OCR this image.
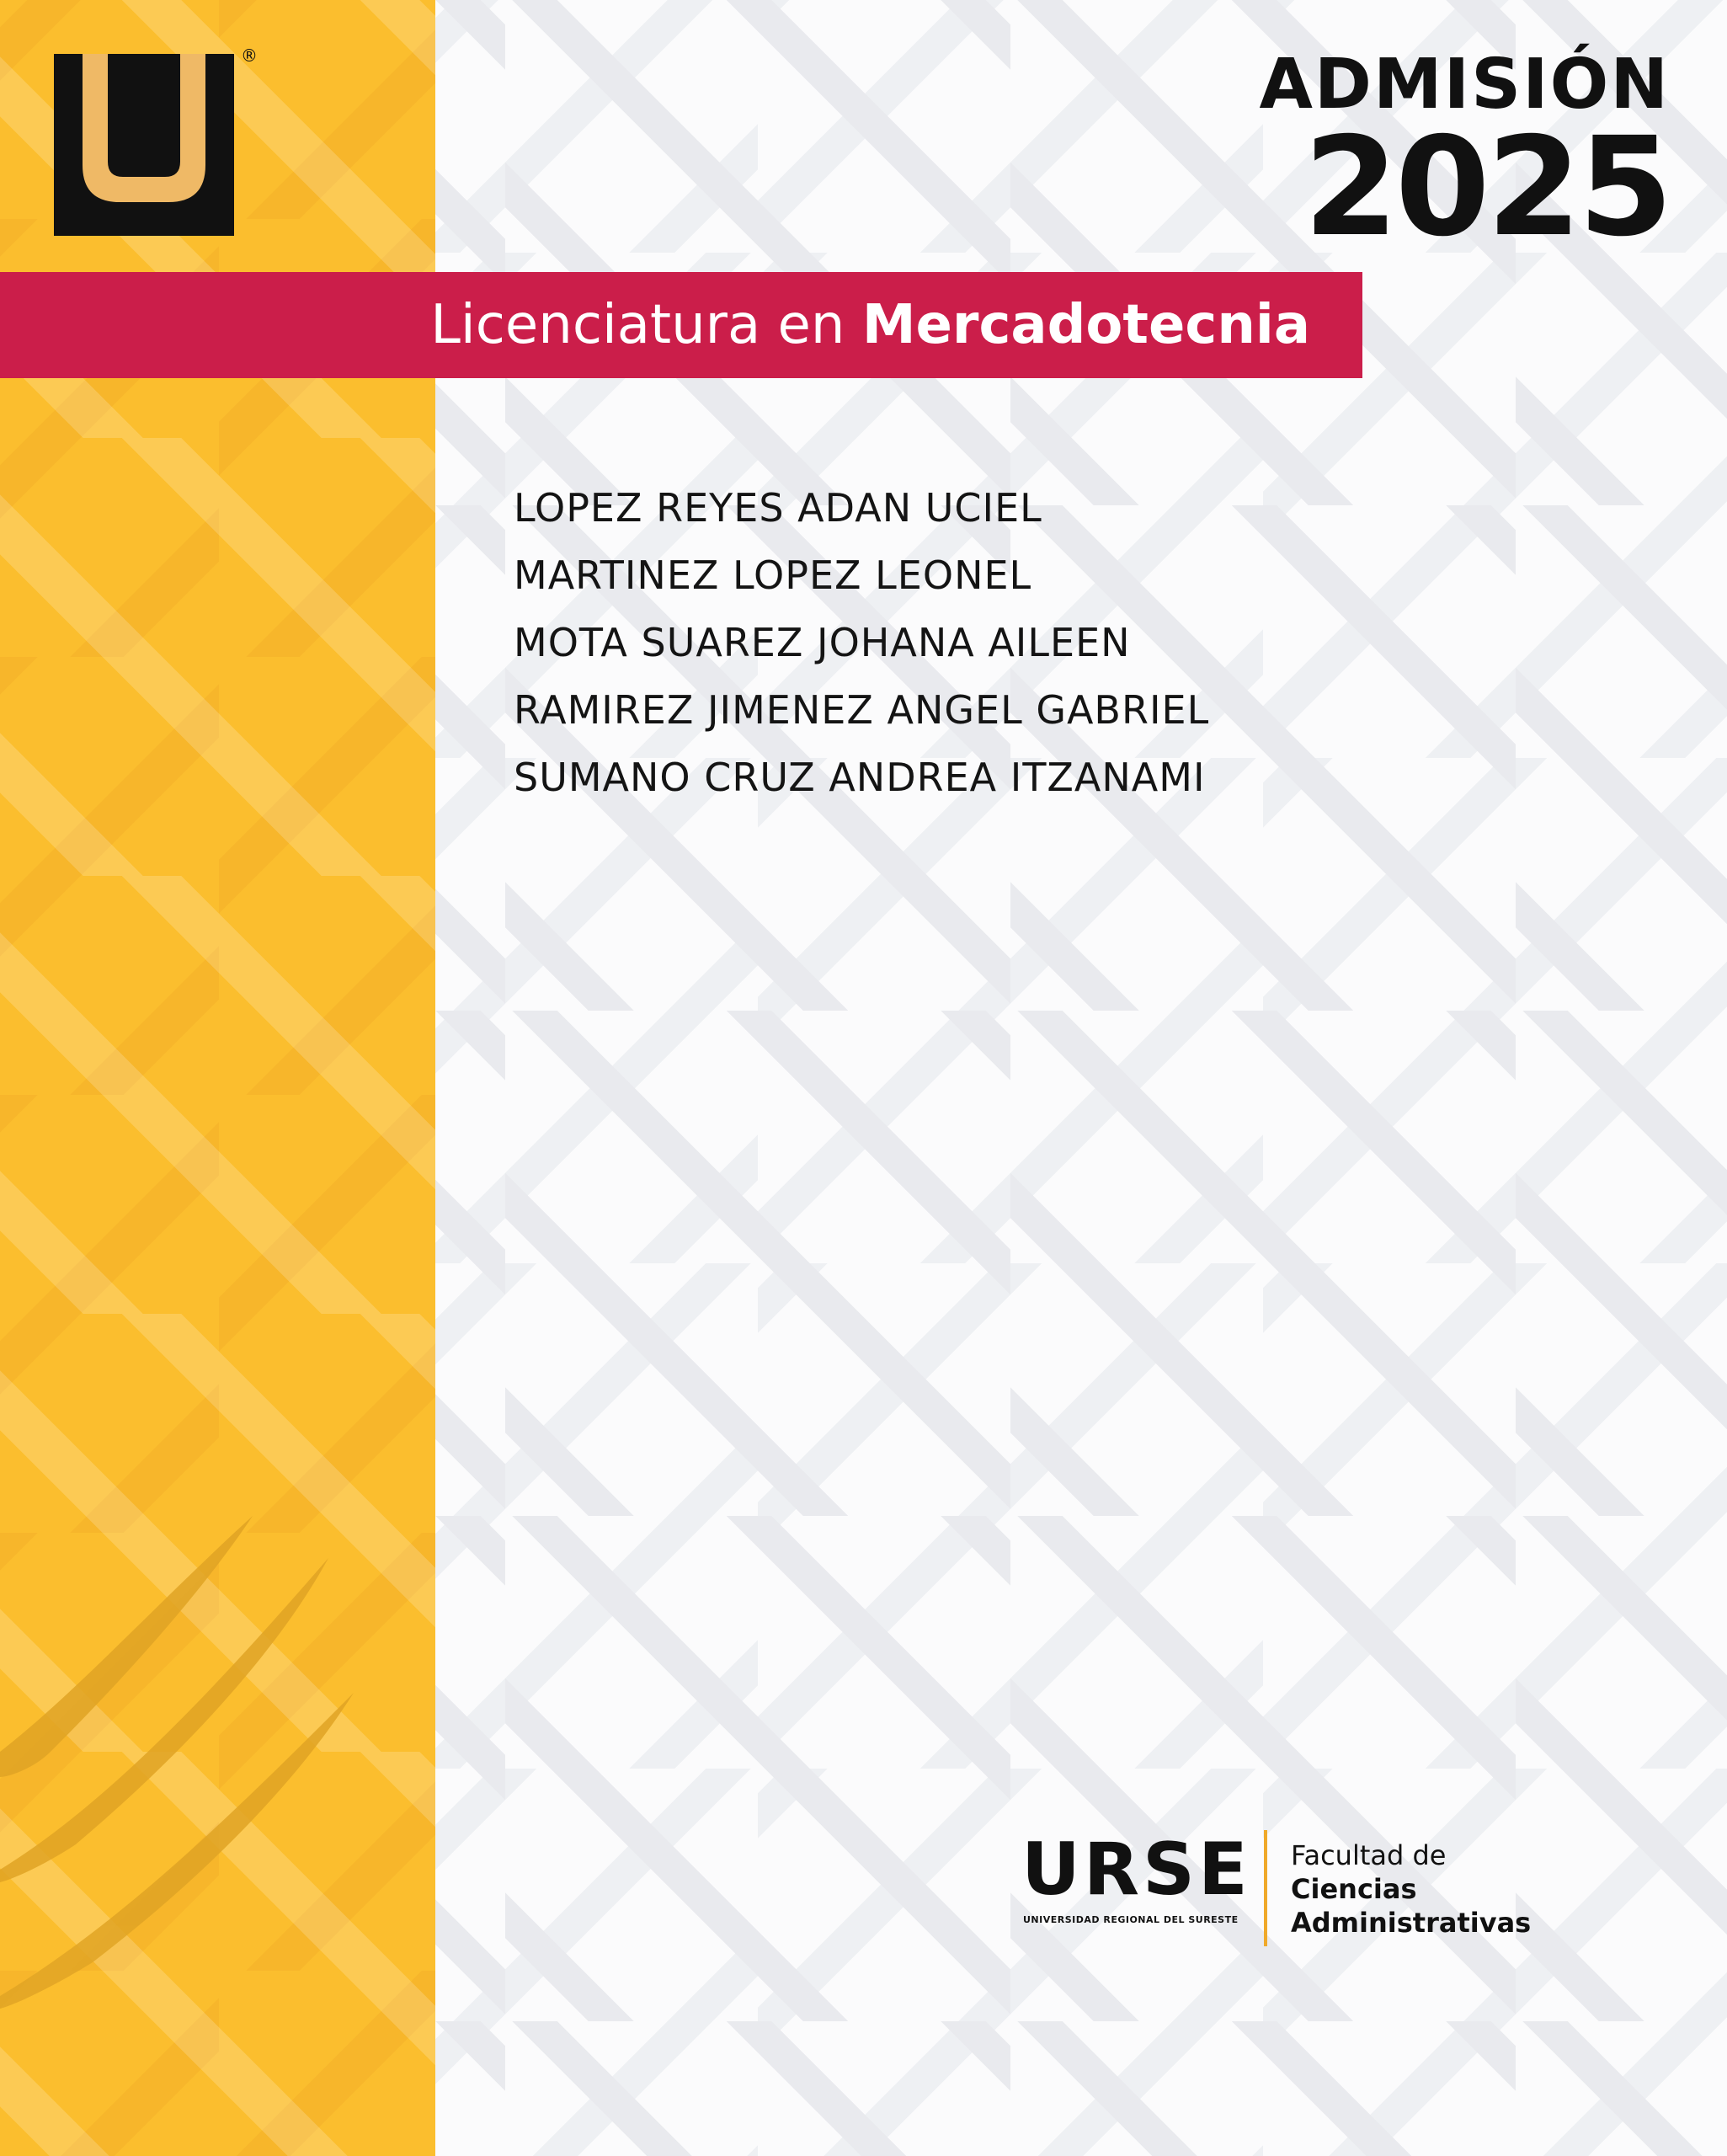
®	ADMISIÓN
2025

Licenciatura en Mercadotecnia

LOPEZ REYES ADAN UCIEL
MARTINEZ LOPEZ LEONEL
MOTA SUAREZ JOHANA AILEEN
RAMIREZ JIMENEZ ANGEL GABRIEL
SUMANO CRUZ ANDREA ITZANAMI

URSE

UNIVERSIDAD REGIONAL DEL SURESTE

Facultad de
Ciencias
Administrativas
